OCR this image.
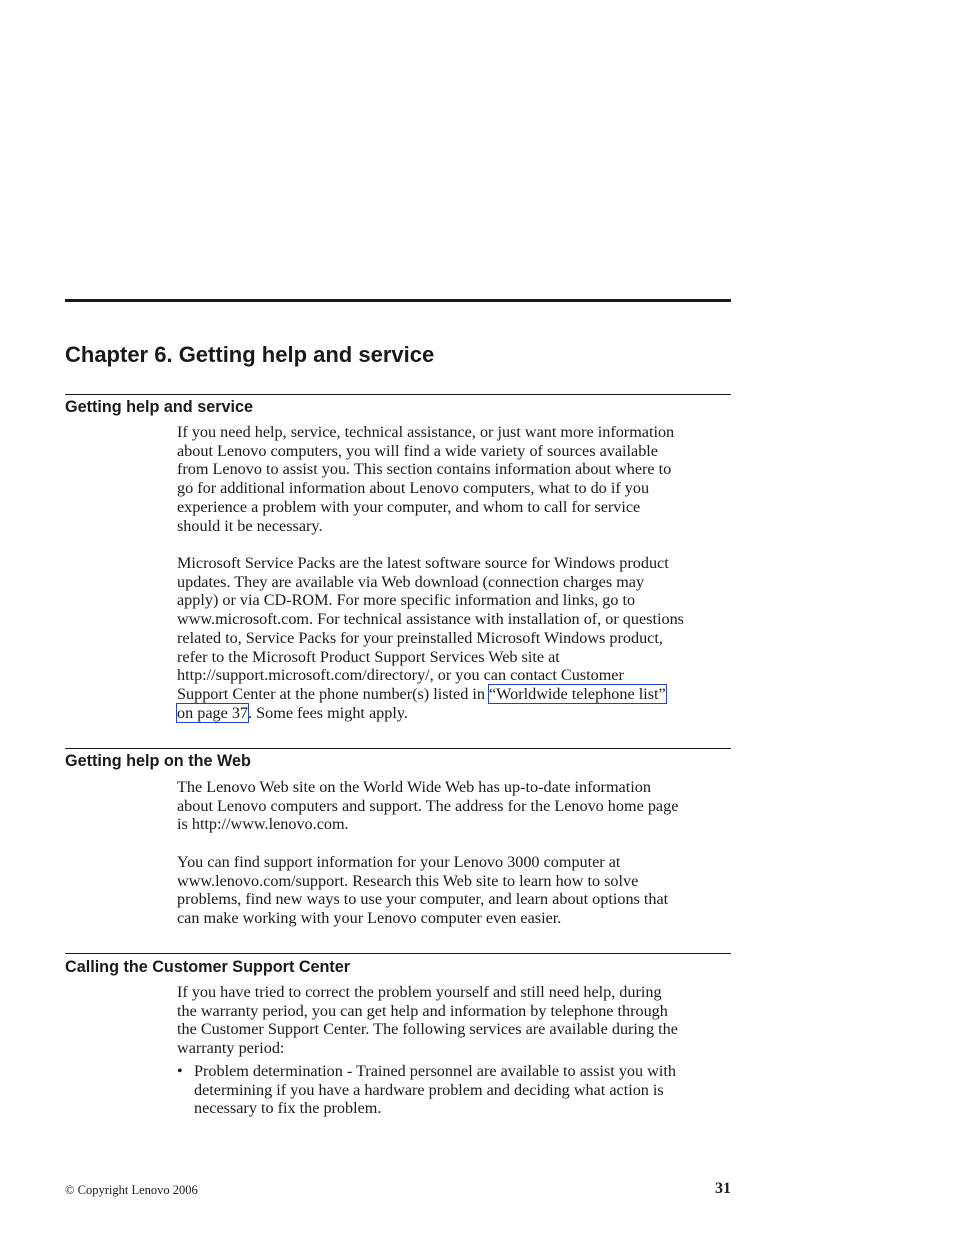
Chapter 6. Getting help and service
Getting help and service

If you need help, service, technical assistance, or just want more information
about Lenovo computers, you will find a wide variety of sources available
from Lenovo to assist you. This section contains information about where to
go for additional information about Lenovo computers, what to do if you
experience a problem with your computer, and whom to call for service
should it be necessary.

Microsoft Service Packs are the latest software source for Windows product
updates. They are available via Web download (connection charges may
apply) or via CD-ROM. For more specific information and links, go to
www.microsoft.com. For technical assistance with installation of, or questions
related to, Service Packs for your preinstalled Microsoft Windows product,
refer to the Microsoft Product Support Services Web site at
http://support.microsoft.com/directory/, or you can contact Customer
Support Center at the phone number(s) listed in “Worldwide telephone list”
on page 37. Some fees might apply.

Getting help on the Web

The Lenovo Web site on the World Wide Web has up-to-date information
about Lenovo computers and support. The address for the Lenovo home page
is http://www.lenovo.com.

You can find support information for your Lenovo 3000 computer at
www.lenovo.com/support. Research this Web site to learn how to solve
problems, find new ways to use your computer, and learn about options that
can make working with your Lenovo computer even easier.

Calling the Customer Support Center

If you have tried to correct the problem yourself and still need help, during
the warranty period, you can get help and information by telephone through
the Customer Support Center. The following services are available during the
warranty period:

• Problem determination - Trained personnel are available to assist you with
determining if you have a hardware problem and deciding what action is
necessary to fix the problem.

© Copyright Lenovo 2006	31
